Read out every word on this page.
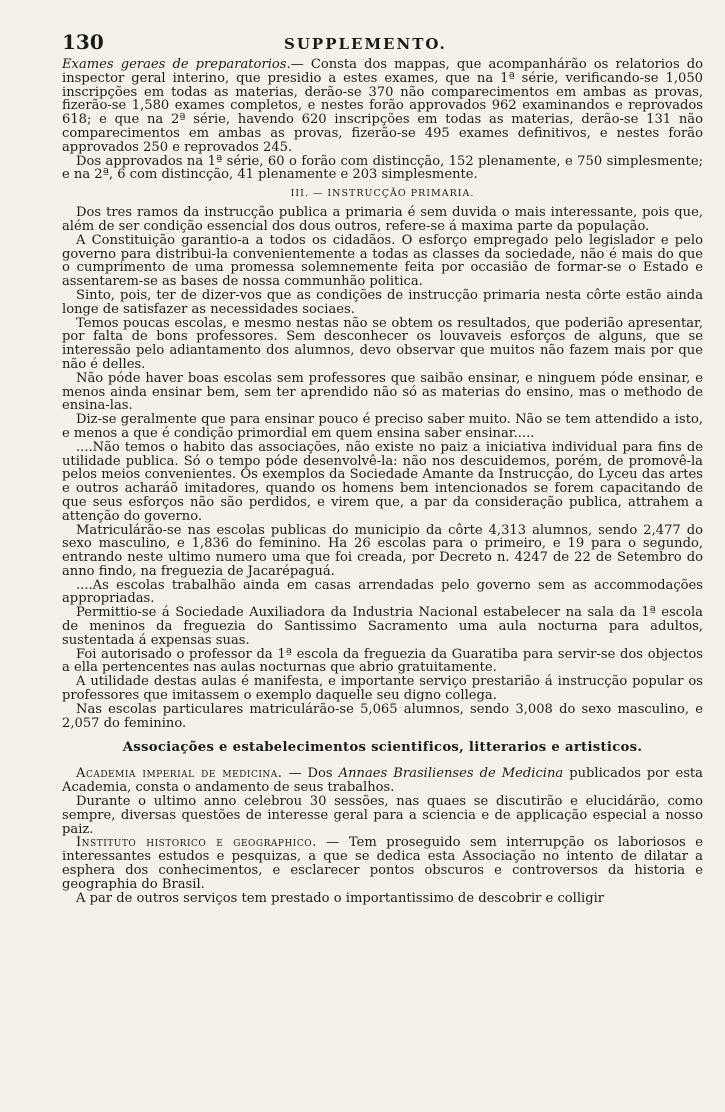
130	SUPPLEMENTO.

Exames geraes de preparatorios.— Consta dos mappas, que acompanhárão os relatorios do inspector geral interino, que presidio a estes exames, que na 1ª série, verificando-se 1,050 inscripções em todas as materias, derão-se 370 não comparecimentos em ambas as provas, fizerão-se 1,580 exames completos, e nestes forão approvados 962 examinandos e reprovados 618; e que na 2ª série, havendo 620 inscripções em todas as materias, derão-se 131 não comparecimentos em ambas as provas, fizerão-se 495 exames definitivos, e nestes forão approvados 250 e reprovados 245.

Dos approvados na 1ª série, 60 o forão com distincção, 152 plenamente, e 750 simplesmente; e na 2ª, 6 com distincção, 41 plenamente e 203 simplesmente.

III. — INSTRUCÇÃO PRIMARIA.

Dos tres ramos da instrucção publica a primaria é sem duvida o mais interessante, pois que, além de ser condição essencial dos dous outros, refere-se á maxima parte da população.

A Constituição garantio-a a todos os cidadãos. O esforço empregado pelo legislador e pelo governo para distribui-la convenientemente a todas as classes da sociedade, não é mais do que o cumprimento de uma promessa solemnemente feita por occasião de formar-se o Estado e assentarem-se as bases de nossa communhão politica.

Sinto, pois, ter de dizer-vos que as condições de instrucção primaria nesta côrte estão ainda longe de satisfazer as necessidades sociaes.

Temos poucas escolas, e mesmo nestas não se obtem os resultados, que poderião apresentar, por falta de bons professores. Sem desconhecer os louvaveis esforços de alguns, que se interessão pelo adiantamento dos alumnos, devo observar que muitos não fazem mais por que não é delles.

Não póde haver boas escolas sem professores que saibão ensinar, e ninguem póde ensinar, e menos ainda ensinar bem, sem ter aprendido não só as materias do ensino, mas o methodo de ensina-las.

Diz-se geralmente que para ensinar pouco é preciso saber muito. Não se tem attendido a isto, e menos a que é condição primordial em quem ensina saber ensinar.....

....Não temos o habito das associações, não existe no paiz a iniciativa individual para fins de utilidade publica. Só o tempo póde desenvolvê-la: não nos descuidemos, porém, de promovê-la pelos meios convenientes. Os exemplos da Sociedade Amante da Instrucção, do Lyceu das artes e outros acharáõ imitadores, quando os homens bem intencionados se forem capacitando de que seus esforços não são perdidos, e virem que, a par da consideração publica, attrahem a attenção do governo.

Matriculárão-se nas escolas publicas do municipio da côrte 4,313 alumnos, sendo 2,477 do sexo masculino, e 1,836 do feminino. Ha 26 escolas para o primeiro, e 19 para o segundo, entrando neste ultimo numero uma que foi creada, por Decreto n. 4247 de 22 de Setembro do anno findo, na freguezia de Jacarépaguá.

....As escolas trabalhão ainda em casas arrendadas pelo governo sem as accommodações appropriadas.

Permittio-se á Sociedade Auxiliadora da Industria Nacional estabelecer na sala da 1ª escola de meninos da freguezia do Santissimo Sacramento uma aula nocturna para adultos, sustentada á expensas suas.

Foi autorisado o professor da 1ª escola da freguezia da Guaratiba para servir-se dos objectos a ella pertencentes nas aulas nocturnas que abrio gratuitamente.

A utilidade destas aulas é manifesta, e importante serviço prestarião á instrucção popular os professores que imitassem o exemplo daquelle seu digno collega.

Nas escolas particulares matriculárão-se 5,065 alumnos, sendo 3,008 do sexo masculino, e 2,057 do feminino.

Associações e estabelecimentos scientificos, litterarios e artisticos.

Academia imperial de medicina. — Dos Annaes Brasilienses de Medicina publicados por esta Academia, consta o andamento de seus trabalhos.

Durante o ultimo anno celebrou 30 sessões, nas quaes se discutirão e elucidárão, como sempre, diversas questões de interesse geral para a sciencia e de applicação especial a nosso paiz.

Instituto historico e geographico. — Tem proseguido sem interrupção os laboriosos e interessantes estudos e pesquizas, a que se dedica esta Associação no intento de dilatar a esphera dos conhecimentos, e esclarecer pontos obscuros e controversos da historia e geographia do Brasil.

A par de outros serviços tem prestado o importantissimo de descobrir e colligir
